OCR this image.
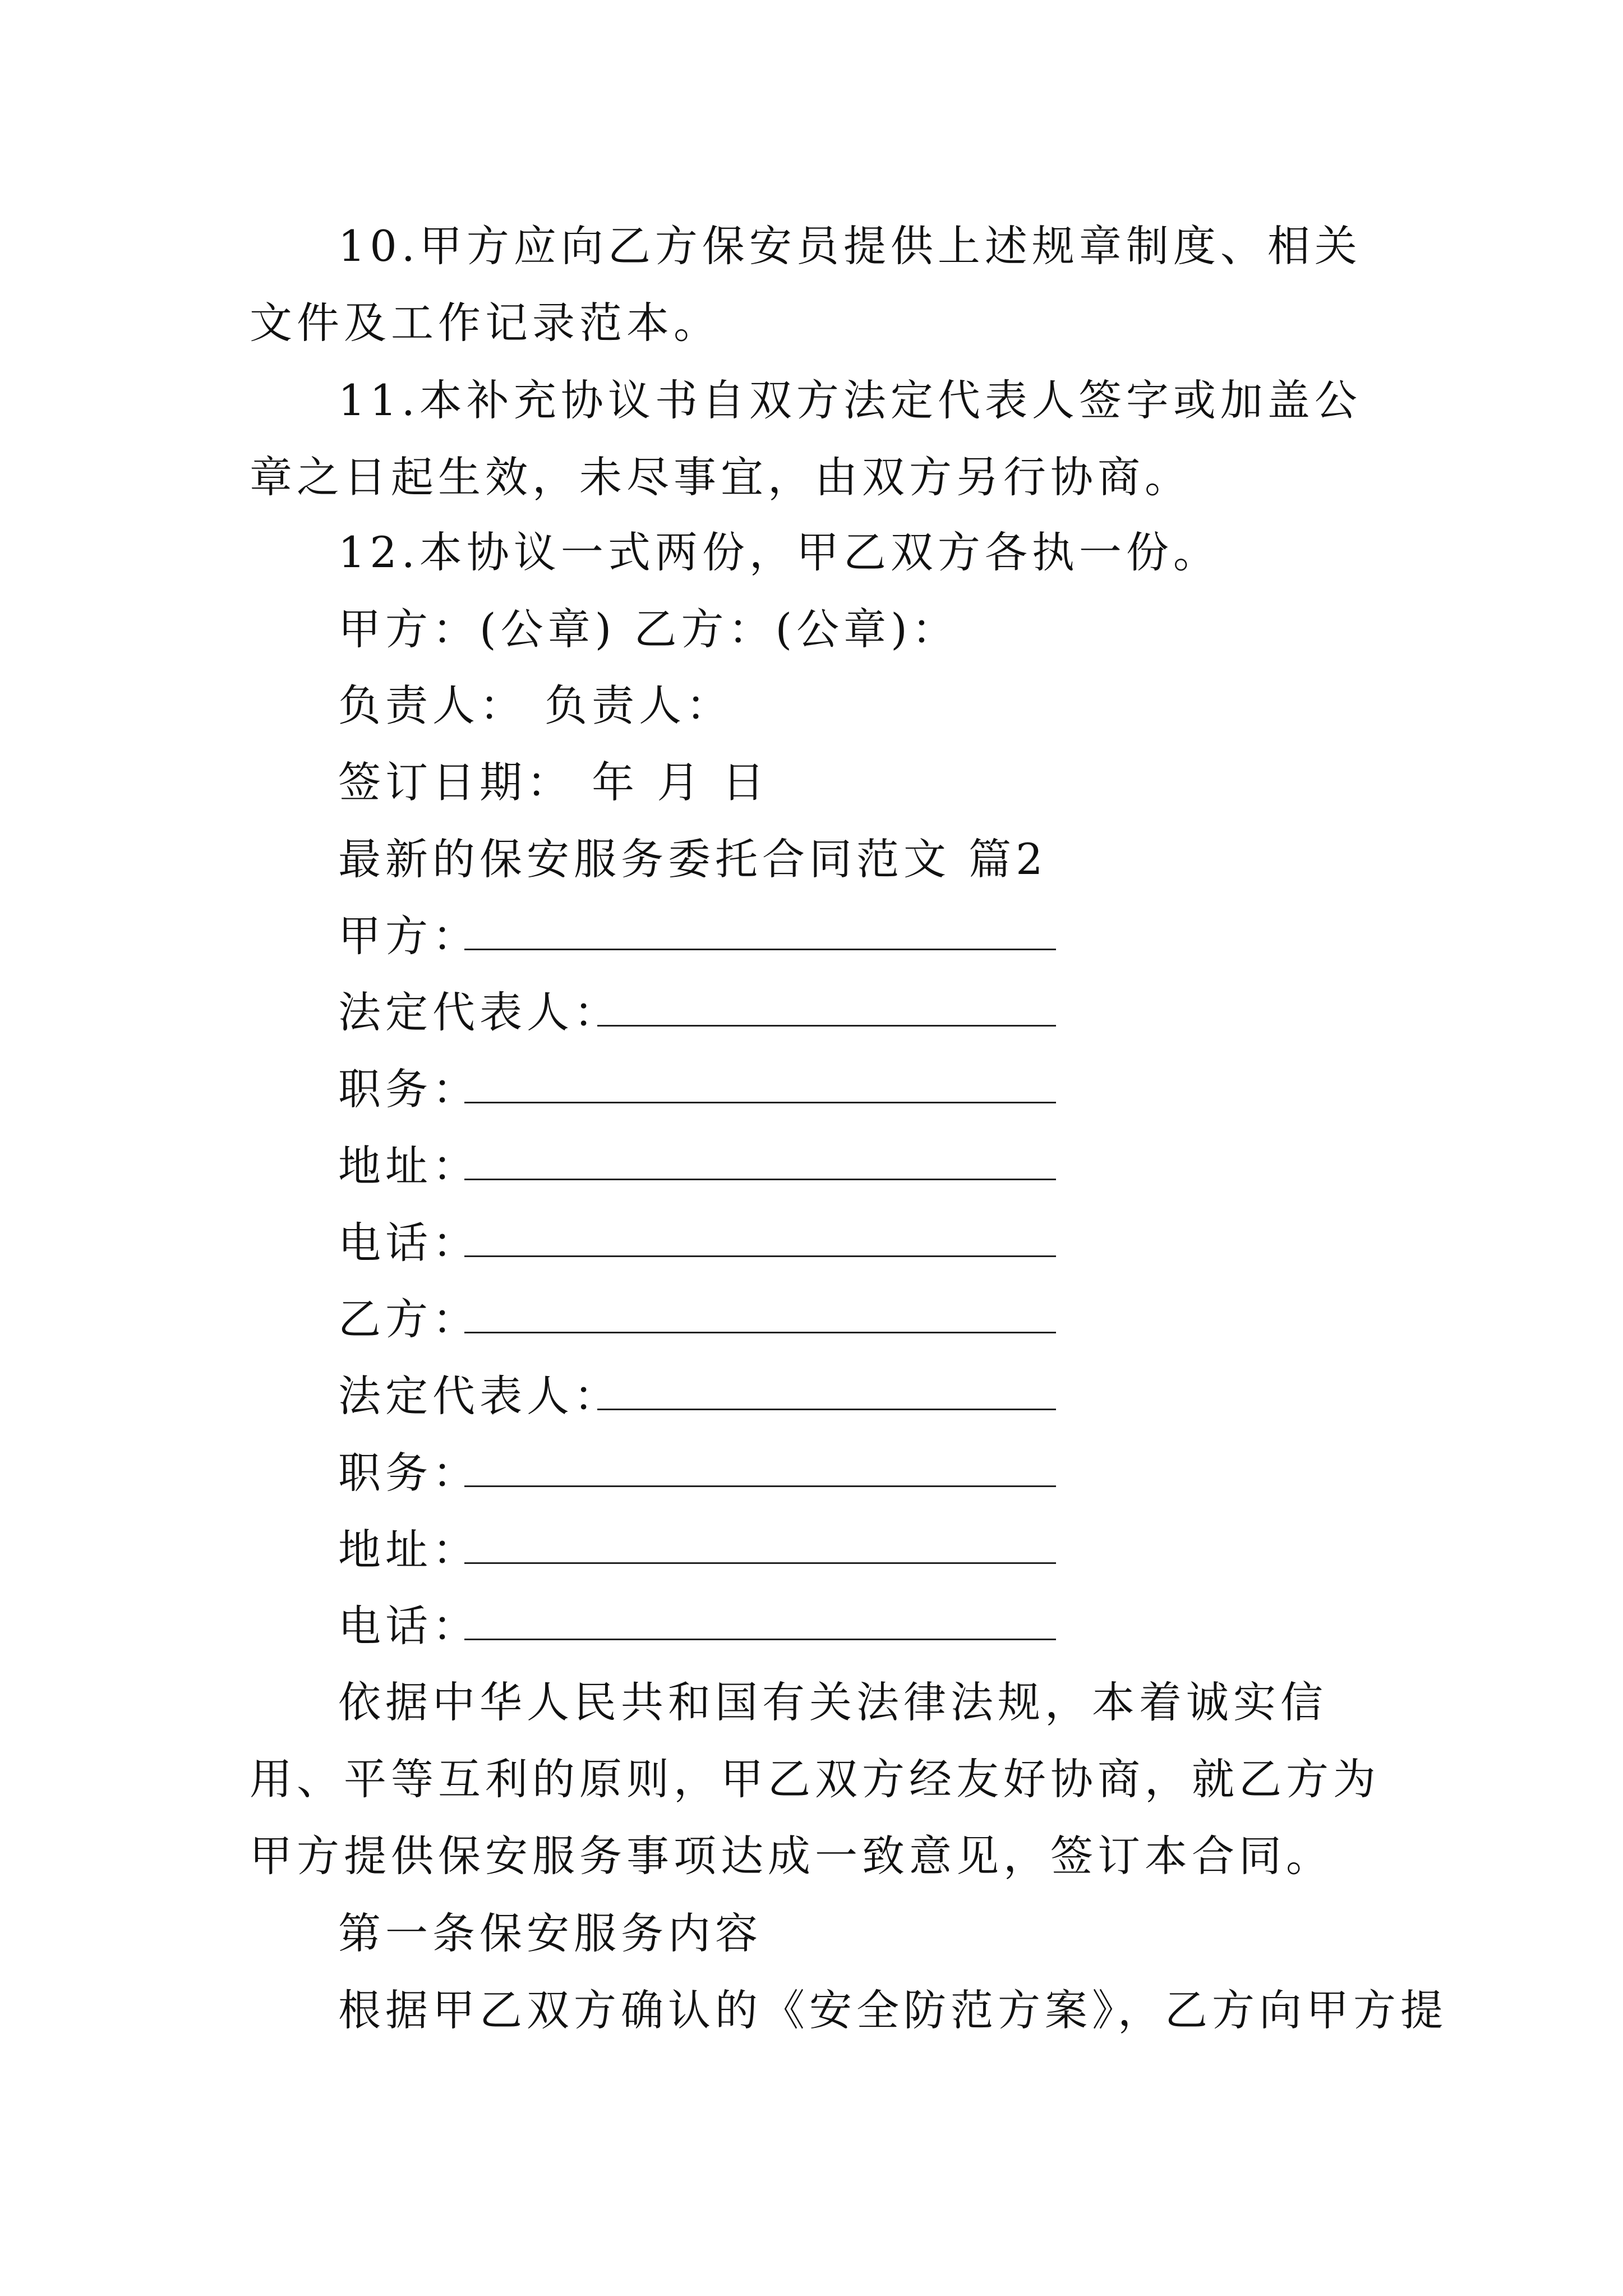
10.甲方应向乙方保安员提供上述规章制度、相关文件及工作记录范本。

11.本补充协议书自双方法定代表人签字或加盖公章之日起生效，未尽事宜，由双方另行协商。

12.本协议一式两份，甲乙双方各执一份。

甲方：(公章) 乙方：(公章)：

负责人： 负责人：

签订日期： 年 月 日

最新的保安服务委托合同范文 篇2

甲方：
法定代表人：
职务：
地址：
电话：
乙方：
法定代表人：
职务：
地址：
电话：

依据中华人民共和国有关法律法规，本着诚实信用、平等互利的原则，甲乙双方经友好协商，就乙方为甲方提供保安服务事项达成一致意见，签订本合同。

第一条保安服务内容

根据甲乙双方确认的《安全防范方案》，乙方向甲方提
